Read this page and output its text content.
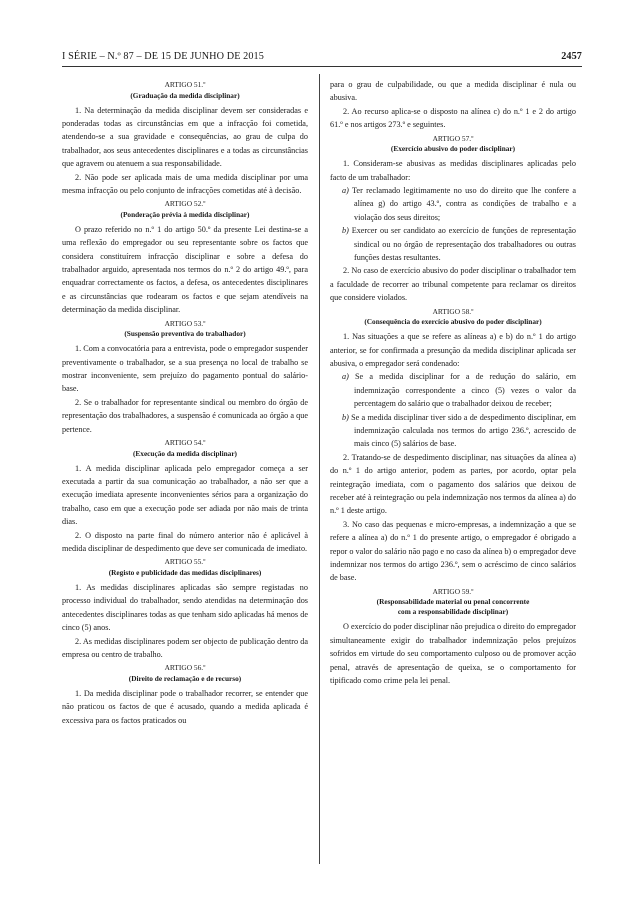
I SÉRIE – N.º 87 – DE 15 DE JUNHO DE 2015	2457
ARTIGO 51.º
(Graduação da medida disciplinar)

1. Na determinação da medida disciplinar devem ser consideradas e ponderadas todas as circunstâncias em que a infracção foi cometida, atendendo-se a sua gravidade e consequências, ao grau de culpa do trabalhador, aos seus antecedentes disciplinares e a todas as circunstâncias que agravem ou atenuem a sua responsabilidade.

2. Não pode ser aplicada mais de uma medida disciplinar por uma mesma infracção ou pelo conjunto de infracções cometidas até à decisão.

ARTIGO 52.º
(Ponderação prévia à medida disciplinar)

O prazo referido no n.º 1 do artigo 50.º da presente Lei destina-se a uma reflexão do empregador ou seu representante sobre os factos que considera constituírem infracção disciplinar e sobre a defesa do trabalhador arguido, apresentada nos termos do n.º 2 do artigo 49.º, para enquadrar correctamente os factos, a defesa, os antecedentes disciplinares e as circunstâncias que rodearam os factos e que sejam atendíveis na determinação da medida disciplinar.

ARTIGO 53.º
(Suspensão preventiva do trabalhador)

1. Com a convocatória para a entrevista, pode o empregador suspender preventivamente o trabalhador, se a sua presença no local de trabalho se mostrar inconveniente, sem prejuízo do pagamento pontual do salário-base.

2. Se o trabalhador for representante sindical ou membro do órgão de representação dos trabalhadores, a suspensão é comunicada ao órgão a que pertence.

ARTIGO 54.º
(Execução da medida disciplinar)

1. A medida disciplinar aplicada pelo empregador começa a ser executada a partir da sua comunicação ao trabalhador, a não ser que a execução imediata apresente inconvenientes sérios para a organização do trabalho, caso em que a execução pode ser adiada por não mais de trinta dias.

2. O disposto na parte final do número anterior não é aplicável à medida disciplinar de despedimento que deve ser comunicada de imediato.

ARTIGO 55.º
(Registo e publicidade das medidas disciplinares)

1. As medidas disciplinares aplicadas são sempre registadas no processo individual do trabalhador, sendo atendidas na determinação dos antecedentes disciplinares todas as que tenham sido aplicadas há menos de cinco (5) anos.

2. As medidas disciplinares podem ser objecto de publicação dentro da empresa ou centro de trabalho.

ARTIGO 56.º
(Direito de reclamação e de recurso)

1. Da medida disciplinar pode o trabalhador recorrer, se entender que não praticou os factos de que é acusado, quando a medida aplicada é excessiva para os factos praticados ou

para o grau de culpabilidade, ou que a medida disciplinar é nula ou abusiva.

2. Ao recurso aplica-se o disposto na alínea c) do n.º 1 e 2 do artigo 61.º e nos artigos 273.º e seguintes.

ARTIGO 57.º
(Exercício abusivo do poder disciplinar)

1. Consideram-se abusivas as medidas disciplinares aplicadas pelo facto de um trabalhador:

a) Ter reclamado legitimamente no uso do direito que lhe confere a alínea g) do artigo 43.º, contra as condições de trabalho e a violação dos seus direitos;
b) Exercer ou ser candidato ao exercício de funções de representação sindical ou no órgão de representação dos trabalhadores ou outras funções destas resultantes.

2. No caso de exercício abusivo do poder disciplinar o trabalhador tem a faculdade de recorrer ao tribunal competente para reclamar os direitos que considere violados.

ARTIGO 58.º
(Consequência do exercício abusivo do poder disciplinar)

1. Nas situações a que se refere as alíneas a) e b) do n.º 1 do artigo anterior, se for confirmada a presunção da medida disciplinar aplicada ser abusiva, o empregador será condenado:

a) Se a medida disciplinar for a de redução do salário, em indemnização correspondente a cinco (5) vezes o valor da percentagem do salário que o trabalhador deixou de receber;
b) Se a medida disciplinar tiver sido a de despedimento disciplinar, em indemnização calculada nos termos do artigo 236.º, acrescido de mais cinco (5) salários de base.

2. Tratando-se de despedimento disciplinar, nas situações da alínea a) do n.º 1 do artigo anterior, podem as partes, por acordo, optar pela reintegração imediata, com o pagamento dos salários que deixou de receber até à reintegração ou pela indemnização nos termos da alínea a) do n.º 1 deste artigo.

3. No caso das pequenas e micro-empresas, a indemnização a que se refere a alínea a) do n.º 1 do presente artigo, o empregador é obrigado a repor o valor do salário não pago e no caso da alínea b) o empregador deve indemnizar nos termos do artigo 236.º, sem o acréscimo de cinco salários de base.

ARTIGO 59.º
(Responsabilidade material ou penal concorrente
com a responsabilidade disciplinar)

O exercício do poder disciplinar não prejudica o direito do empregador simultaneamente exigir do trabalhador indemnização pelos prejuízos sofridos em virtude do seu comportamento culposo ou de promover acção penal, através de apresentação de queixa, se o comportamento for tipificado como crime pela lei penal.
